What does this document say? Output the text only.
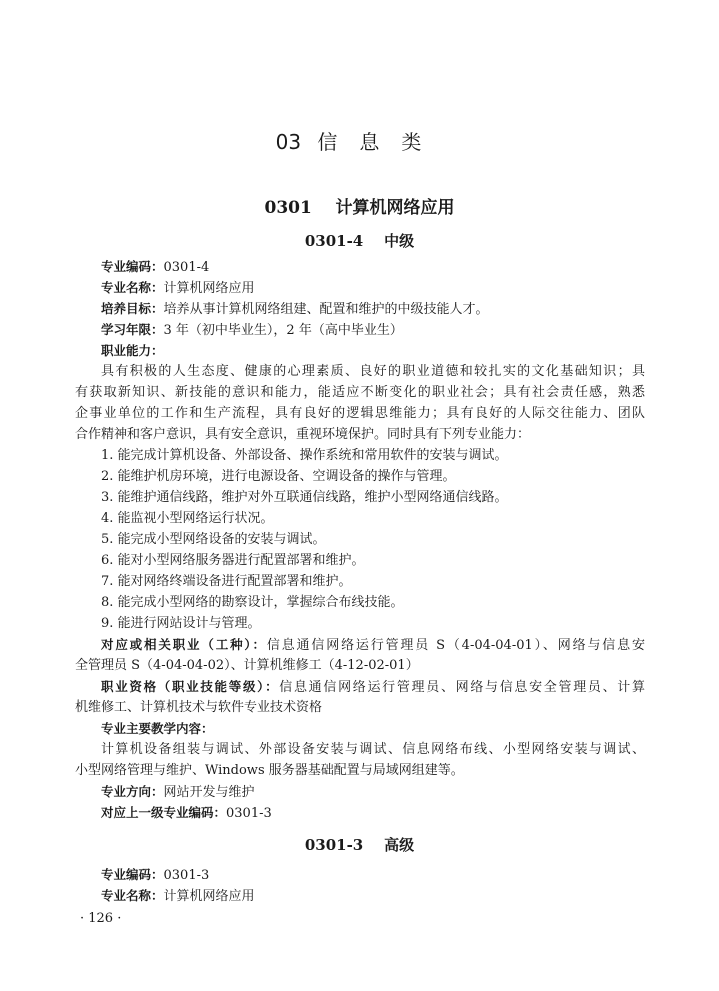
03 信息类
0301 计算机网络应用
0301-4 中级
专业编码：0301-4
专业名称：计算机网络应用
培养目标：培养从事计算机网络组建、配置和维护的中级技能人才。
学习年限：3 年（初中毕业生），2 年（高中毕业生）
职业能力：
具有积极的人生态度、健康的心理素质、良好的职业道德和较扎实的文化基础知识；具
有获取新知识、新技能的意识和能力，能适应不断变化的职业社会；具有社会责任感，熟悉
企事业单位的工作和生产流程，具有良好的逻辑思维能力；具有良好的人际交往能力、团队
合作精神和客户意识，具有安全意识，重视环境保护。同时具有下列专业能力：
1. 能完成计算机设备、外部设备、操作系统和常用软件的安装与调试。
2. 能维护机房环境，进行电源设备、空调设备的操作与管理。
3. 能维护通信线路，维护对外互联通信线路，维护小型网络通信线路。
4. 能监视小型网络运行状况。
5. 能完成小型网络设备的安装与调试。
6. 能对小型网络服务器进行配置部署和维护。
7. 能对网络终端设备进行配置部署和维护。
8. 能完成小型网络的勘察设计，掌握综合布线技能。
9. 能进行网站设计与管理。
对应或相关职业（工种）：信息通信网络运行管理员 S（4-04-04-01）、网络与信息安
全管理员 S（4-04-04-02）、计算机维修工（4-12-02-01）
职业资格（职业技能等级）：信息通信网络运行管理员、网络与信息安全管理员、计算
机维修工、计算机技术与软件专业技术资格
专业主要教学内容：
计算机设备组装与调试、外部设备安装与调试、信息网络布线、小型网络安装与调试、
小型网络管理与维护、Windows 服务器基础配置与局域网组建等。
专业方向：网站开发与维护
对应上一级专业编码：0301-3
0301-3 高级
专业编码：0301-3
专业名称：计算机网络应用
· 126 ·
